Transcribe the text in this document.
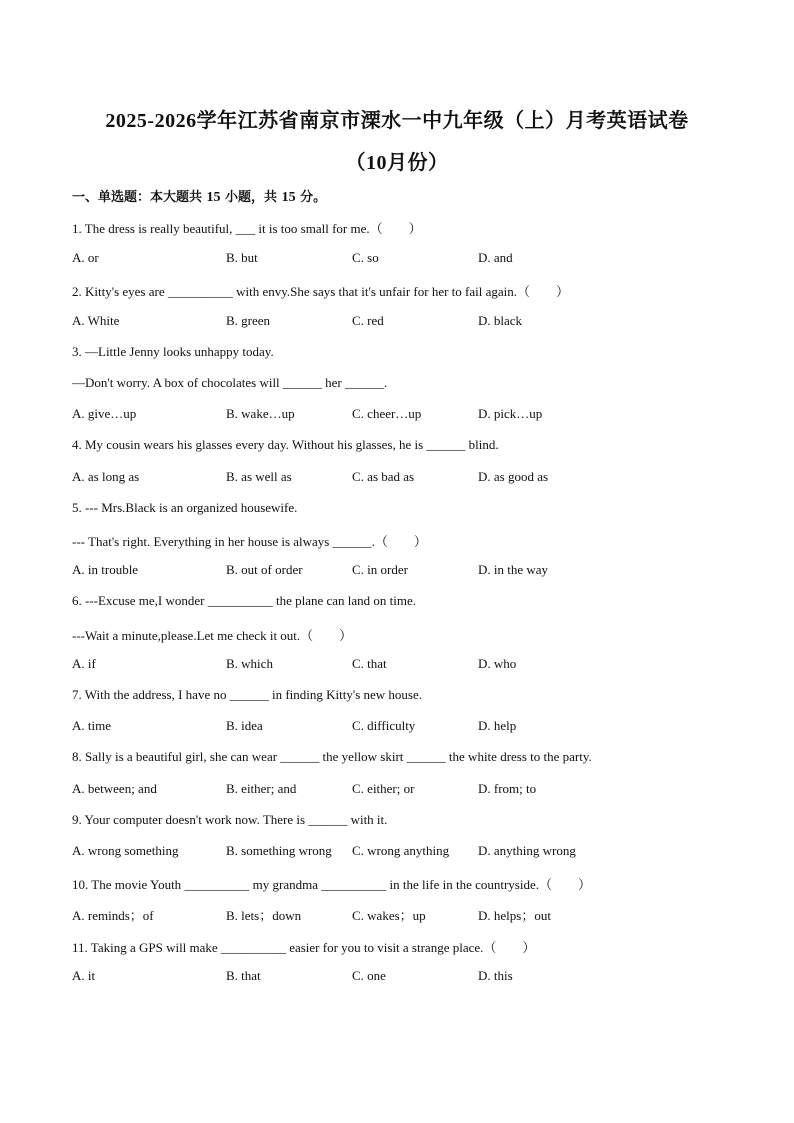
2025-2026学年江苏省南京市溧水一中九年级（上）月考英语试卷
（10月份）
一、单选题：本大题共 15 小题，共 15 分。
1. The dress is really beautiful, ___ it is too small for me.（　　）
A. or	B. but	C. so	D. and
2. Kitty's eyes are __________ with envy.She says that it's unfair for her to fail again.（　　）
A. White	B. green	C. red	D. black
3. —Little Jenny looks unhappy today.
—Don't worry. A box of chocolates will ______ her ______.
A. give…up	B. wake…up	C. cheer…up	D. pick…up
4. My cousin wears his glasses every day. Without his glasses, he is ______ blind.
A. as long as	B. as well as	C. as bad as	D. as good as
5. --- Mrs.Black is an organized housewife.
--- That's right. Everything in her house is always ______.（　　）
A. in trouble	B. out of order	C. in order	D. in the way
6. ---Excuse me,I wonder __________ the plane can land on time.
---Wait a minute,please.Let me check it out.（　　）
A. if	B. which	C. that	D. who
7. With the address, I have no ______ in finding Kitty's new house.
A. time	B. idea	C. difficulty	D. help
8. Sally is a beautiful girl, she can wear ______ the yellow skirt ______ the white dress to the party.
A. between; and	B. either; and	C. either; or	D. from; to
9. Your computer doesn't work now. There is ______ with it.
A. wrong something	B. something wrong C. wrong anything D. anything wrong
10. The movie Youth __________ my grandma __________ in the life in the countryside.（　　）
A. reminds；of	B. lets；down	C. wakes；up	D. helps；out
11. Taking a GPS will make __________ easier for you to visit a strange place.（　　）
A. it	B. that	C. one	D. this
